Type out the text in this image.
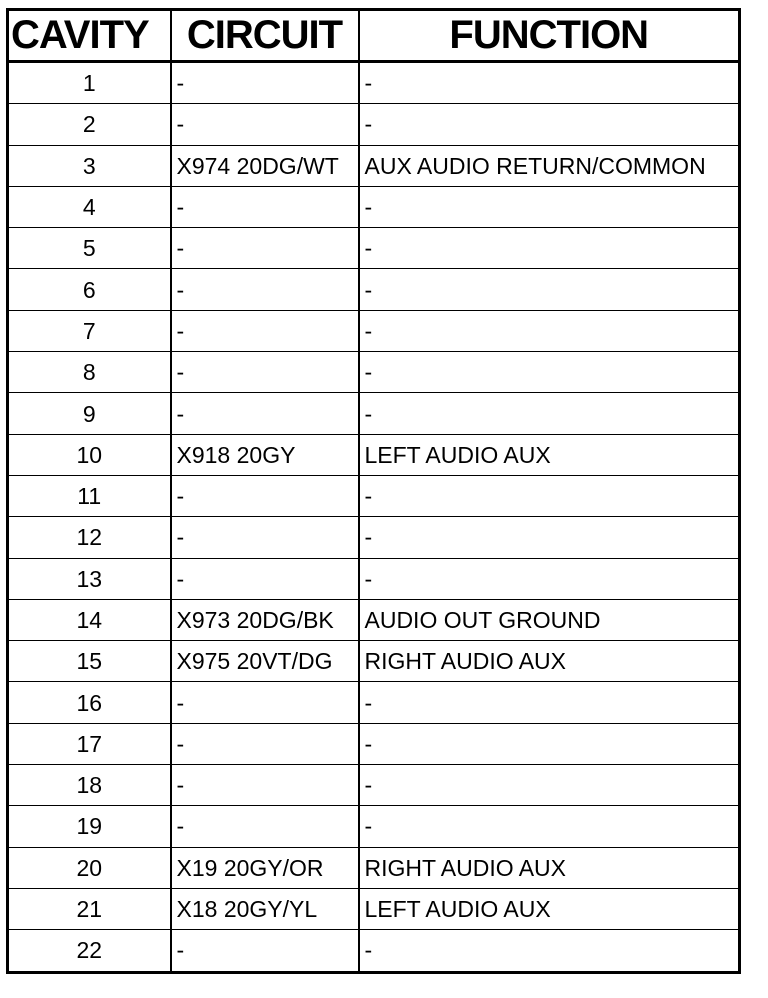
CAVITY	CIRCUIT	FUNCTION
1	-	-
2	-	-
3	X974 20DG/WT	AUX AUDIO RETURN/COMMON
4	-	-
5	-	-
6	-	-
7	-	-
8	-	-
9	-	-
10	X918 20GY	LEFT AUDIO AUX
11	-	-
12	-	-
13	-	-
14	X973 20DG/BK	AUDIO OUT GROUND
15	X975 20VT/DG	RIGHT AUDIO AUX
16	-	-
17	-	-
18	-	-
19	-	-
20	X19 20GY/OR	RIGHT AUDIO AUX
21	X18 20GY/YL	LEFT AUDIO AUX
22	-	-
